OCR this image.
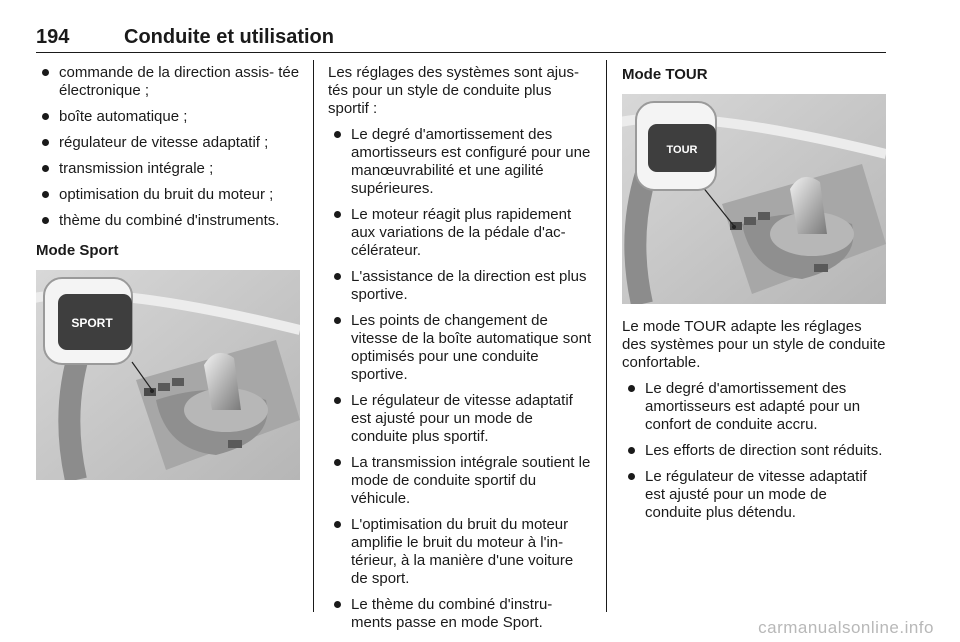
194	Conduite et utilisation
commande de la direction assis- tée électronique ;
boîte automatique ;
régulateur de vitesse adaptatif ;
transmission intégrale ;
optimisation du bruit du moteur ;
thème du combiné d'instruments.
Mode Sport
SPORT

Les réglages des systèmes sont ajus- tés pour un style de conduite plus sportif :

Le degré d'amortissement des amortisseurs est configuré pour une manœuvrabilité et une agilité supérieures.
Le moteur réagit plus rapidement aux variations de la pédale d'ac- célérateur.
L'assistance de la direction est plus sportive.
Les points de changement de vitesse de la boîte automatique sont optimisés pour une conduite sportive.
Le régulateur de vitesse adaptatif est ajusté pour un mode de conduite plus sportif.
La transmission intégrale soutient le mode de conduite sportif du véhicule.
L'optimisation du bruit du moteur amplifie le bruit du moteur à l'in- térieur, à la manière d'une voiture de sport.
Le thème du combiné d'instru- ments passe en mode Sport.
Mode TOUR
TOUR

Le mode TOUR adapte les réglages des systèmes pour un style de conduite confortable.

Le degré d'amortissement des amortisseurs est adapté pour un confort de conduite accru.
Les efforts de direction sont réduits.
Le régulateur de vitesse adaptatif est ajusté pour un mode de conduite plus détendu.
carmanualsonline.info
